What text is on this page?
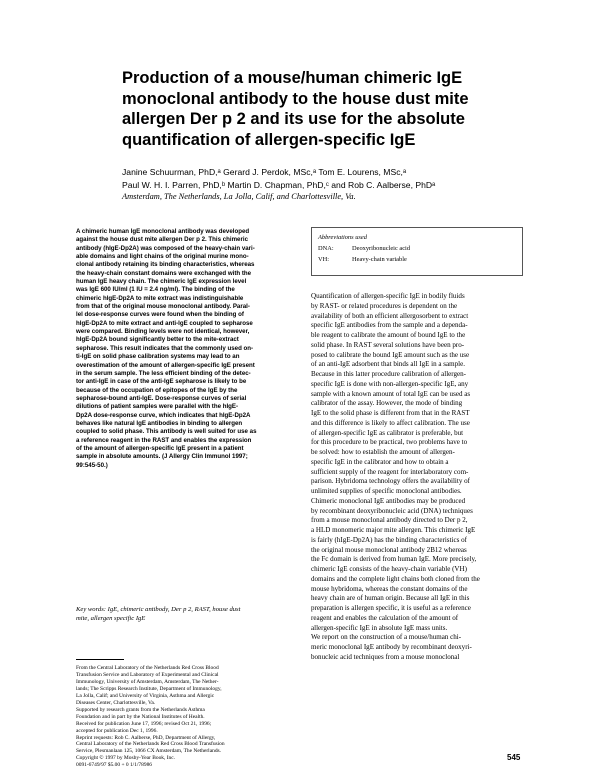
Production of a mouse/human chimeric IgE
monoclonal antibody to the house dust mite
allergen Der p 2 and its use for the absolute
quantification of allergen-specific IgE
Janine Schuurman, PhD,ᵃ Gerard J. Perdok, MSc,ᵃ Tom E. Lourens, MSc,ᵃ
Paul W. H. I. Parren, PhD,ᵇ Martin D. Chapman, PhD,ᶜ and Rob C. Aalberse, PhDᵃ
Amsterdam, The Netherlands, La Jolla, Calif, and Charlottesville, Va.
A chimeric human IgE monoclonal antibody was developed
against the house dust mite allergen Der p 2. This chimeric
antibody (hIgE-Dp2A) was composed of the heavy-chain vari-
able domains and light chains of the original murine mono-
clonal antibody retaining its binding characteristics, whereas
the heavy-chain constant domains were exchanged with the
human IgE heavy chain. The chimeric IgE expression level
was IgE 600 IU/ml (1 IU = 2.4 ng/ml). The binding of the
chimeric hIgE-Dp2A to mite extract was indistinguishable
from that of the original mouse monoclonal antibody. Paral-
lel dose-response curves were found when the binding of
hIgE-Dp2A to mite extract and anti-IgE coupled to sepharose
were compared. Binding levels were not identical, however,
hIgE-Dp2A bound significantly better to the mite-extract
sepharose. This result indicates that the commonly used on-
ti-IgE on solid phase calibration systems may lead to an
overestimation of the amount of allergen-specific IgE present
in the serum sample. The less efficient binding of the detec-
tor anti-IgE in case of the anti-IgE sepharose is likely to be
because of the occupation of epitopes of the IgE by the
sepharose-bound anti-IgE. Dose-response curves of serial
dilutions of patient samples were parallel with the hIgE-
Dp2A dose-response curve, which indicates that hIgE-Dp2A
behaves like natural IgE antibodies in binding to allergen
coupled to solid phase. This antibody is well suited for use as
a reference reagent in the RAST and enables the expression
of the amount of allergen-specific IgE present in a patient
sample in absolute amounts. (J Allergy Clin Immunol 1997;
99:545-50.)
Key words: IgE, chimeric antibody, Der p 2, RAST, house dust
mite, allergen specific IgE
Abbreviations used
DNA:	Deoxyribonucleic acid
VH:	Heavy-chain variable
Quantification of allergen-specific IgE in bodily fluids
by RAST- or related procedures is dependent on the
availability of both an efficient allergosorbent to extract
specific IgE antibodies from the sample and a dependa-
ble reagent to calibrate the amount of bound IgE to the
solid phase. In RAST several solutions have been pro-
posed to calibrate the bound IgE amount such as the use
of an anti-IgE adsorbent that binds all IgE in a sample.
Because in this latter procedure calibration of allergen-
specific IgE is done with non-allergen-specific IgE, any
sample with a known amount of total IgE can be used as
calibrator of the assay. However, the mode of binding
IgE to the solid phase is different from that in the RAST
and this difference is likely to affect calibration. The use
of allergen-specific IgE as calibrator is preferable, but
for this procedure to be practical, two problems have to
be solved: how to establish the amount of allergen-
specific IgE in the calibrator and how to obtain a
sufficient supply of the reagent for interlaboratory com-
parison. Hybridoma technology offers the availability of
unlimited supplies of specific monoclonal antibodies.
Chimeric monoclonal IgE antibodies may be produced
by recombinant deoxyribonucleic acid (DNA) techniques
from a mouse monoclonal antibody directed to Der p 2,
a HLD monomeric major mite allergen. This chimeric IgE
is fairly (hIgE-Dp2A) has the binding characteristics of
the original mouse monoclonal antibody 2B12 whereas
the Fc domain is derived from human IgE. More precisely,
chimeric IgE consists of the heavy-chain variable (VH)
domains and the complete light chains both cloned from the
mouse hybridoma, whereas the constant domains of the
heavy chain are of human origin. Because all IgE in this
preparation is allergen specific, it is useful as a reference
reagent and enables the calculation of the amount of
allergen-specific IgE in absolute IgE mass units.
We report on the construction of a mouse/human chi-
meric monoclonal IgE antibody by recombinant deoxyri-
bonucleic acid techniques from a mouse monoclonal
From the Central Laboratory of the Netherlands Red Cross Blood
Transfusion Service and Laboratory of Experimental and Clinical
Immunology, University of Amsterdam, Amsterdam, The Nether-
lands; The Scripps Research Institute, Department of Immunology,
La Jolla, Calif; and University of Virginia, Asthma and Allergic
Diseases Center, Charlottesville, Va.
Supported by research grants from the Netherlands Asthma
Foundation and in part by the National Institutes of Health.
Received for publication June 17, 1996; revised Oct 21, 1996;
accepted for publication Dec 1, 1996.
Reprint requests: Rob C. Aalberse, PhD, Department of Allergy,
Central Laboratory of the Netherlands Red Cross Blood Transfusion
Service, Plesmanlaan 125, 1066 CX Amsterdam, The Netherlands.
Copyright © 1997 by Mosby-Year Book, Inc.
0091-6749/97 $5.00 + 0 1/1/78986
545
